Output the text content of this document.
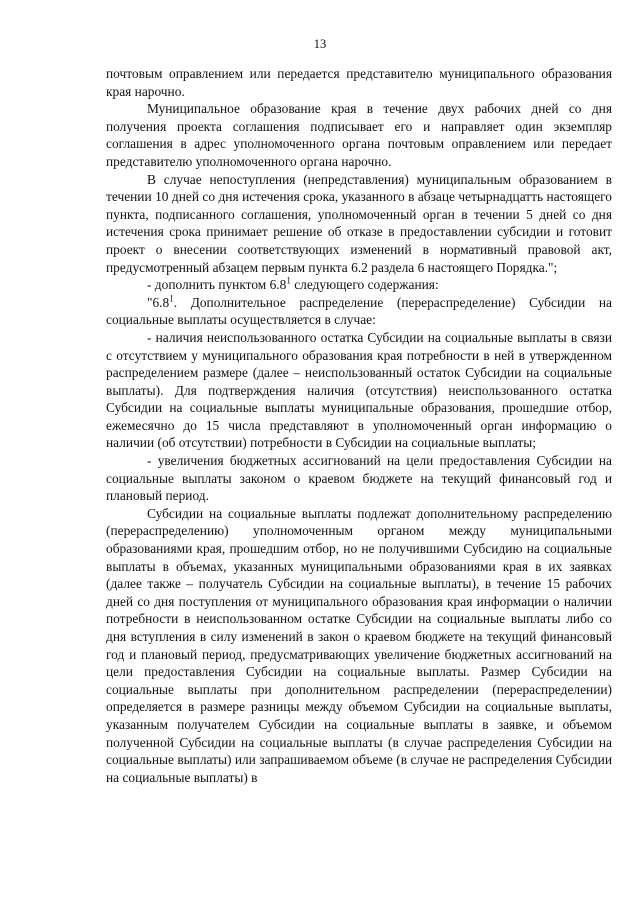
13

почтовым оправлением или передается представителю муниципального образования края нарочно.

Муниципальное образование края в течение двух рабочих дней со дня получения проекта соглашения подписывает его и направляет один экземпляр соглашения в адрес уполномоченного органа почтовым оправлением или передает представителю уполномоченного органа нарочно.

В случае непоступления (непредставления) муниципальным образованием в течении 10 дней со дня истечения срока, указанного в абзаце четырнадцатть настоящего пункта, подписанного соглашения, уполномоченный орган в течении 5 дней со дня истечения срока принимает решение об отказе в предоставлении субсидии и готовит проект о внесении соответствующих изменений в нормативный правовой акт, предусмотренный абзацем первым пункта 6.2 раздела 6 настоящего Порядка.";

- дополнить пунктом $6.8^1$ следующего содержания:

"$6.8^1$. Дополнительное распределение (перераспределение) Субсидии на социальные выплаты осуществляется в случае:

- наличия неиспользованного остатка Субсидии на социальные выплаты в связи с отсутствием у муниципального образования края потребности в ней в утвержденном распределением размере (далее – неиспользованный остаток Субсидии на социальные выплаты). Для подтверждения наличия (отсутствия) неиспользованного остатка Субсидии на социальные выплаты муниципальные образования, прошедшие отбор, ежемесячно до 15 числа представляют в уполномоченный орган информацию о наличии (об отсутствии) потребности в Субсидии на социальные выплаты;

- увеличения бюджетных ассигнований на цели предоставления Субсидии на социальные выплаты законом о краевом бюджете на текущий финансовый год и плановый период.

Субсидии на социальные выплаты подлежат дополнительному распределению (перераспределению) уполномоченным органом между муниципальными образованиями края, прошедшим отбор, но не получившими Субсидию на социальные выплаты в объемах, указанных муниципальными образованиями края в их заявках (далее также – получатель Субсидии на социальные выплаты), в течение 15 рабочих дней со дня поступления от муниципального образования края информации о наличии потребности в неиспользованном остатке Субсидии на социальные выплаты либо со дня вступления в силу изменений в закон о краевом бюджете на текущий финансовый год и плановый период, предусматривающих увеличение бюджетных ассигнований на цели предоставления Субсидии на социальные выплаты. Размер Субсидии на социальные выплаты при дополнительном распределении (перераспределении) определяется в размере разницы между объемом Субсидии на социальные выплаты, указанным получателем Субсидии на социальные выплаты в заявке, и объемом полученной Субсидии на социальные выплаты (в случае распределения Субсидии на социальные выплаты) или запрашиваемом объеме (в случае не распределения Субсидии на социальные выплаты) в
